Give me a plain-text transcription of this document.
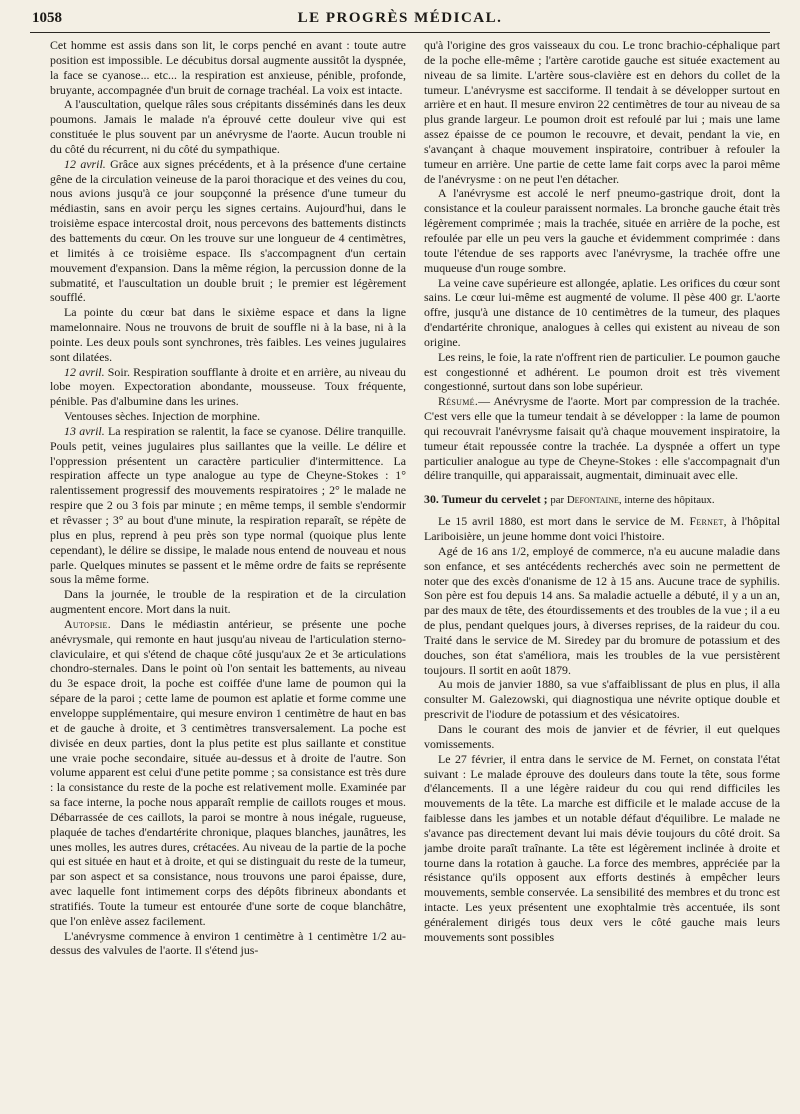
1058	LE PROGRÈS MÉDICAL.

Cet homme est assis dans son lit, le corps penché en avant : toute autre position est impossible. Le décubitus dorsal augmente aussitôt la dyspnée, la face se cyanose... etc... la respiration est anxieuse, pénible, profonde, bruyante, accompagnée d'un bruit de cornage trachéal. La voix est intacte.

A l'auscultation, quelque râles sous crépitants disséminés dans les deux poumons. Jamais le malade n'a éprouvé cette douleur vive qui est constituée le plus souvent par un anévrysme de l'aorte. Aucun trouble ni du côté du récurrent, ni du côté du sympathique.

12 avril. Grâce aux signes précédents, et à la présence d'une certaine gêne de la circulation veineuse de la paroi thoracique et des veines du cou, nous avions jusqu'à ce jour soupçonné la présence d'une tumeur du médiastin, sans en avoir perçu les signes certains. Aujourd'hui, dans le troisième espace intercostal droit, nous percevons des battements distincts des battements du cœur. On les trouve sur une longueur de 4 centimètres, et limités à ce troisième espace. Ils s'accompagnent d'un certain mouvement d'expansion. Dans la même région, la percussion donne de la submatité, et l'auscultation un double bruit ; le premier est légèrement soufflé.

La pointe du cœur bat dans le sixième espace et dans la ligne mamelonnaire. Nous ne trouvons de bruit de souffle ni à la base, ni à la pointe. Les deux pouls sont synchrones, très faibles. Les veines jugulaires sont dilatées.

12 avril. Soir. Respiration soufflante à droite et en arrière, au niveau du lobe moyen. Expectoration abondante, mousseuse. Toux fréquente, pénible. Pas d'albumine dans les urines.

Ventouses sèches. Injection de morphine.

13 avril. La respiration se ralentit, la face se cyanose. Délire tranquille. Pouls petit, veines jugulaires plus saillantes que la veille. Le délire et l'oppression présentent un caractère particulier d'intermittence. La respiration affecte un type analogue au type de Cheyne-Stokes : 1° ralentissement progressif des mouvements respiratoires ; 2° le malade ne respire que 2 ou 3 fois par minute ; en même temps, il semble s'endormir et rêvasser ; 3° au bout d'une minute, la respiration reparaît, se répète de plus en plus, reprend à peu près son type normal (quoique plus lente cependant), le délire se dissipe, le malade nous entend de nouveau et nous parle. Quelques minutes se passent et le même ordre de faits se représente sous la même forme.

Dans la journée, le trouble de la respiration et de la circulation augmentent encore. Mort dans la nuit.

Autopsie. Dans le médiastin antérieur, se présente une poche anévrysmale, qui remonte en haut jusqu'au niveau de l'articulation sterno-claviculaire, et qui s'étend de chaque côté jusqu'aux 2e et 3e articulations chondro-sternales. Dans le point où l'on sentait les battements, au niveau du 3e espace droit, la poche est coiffée d'une lame de poumon qui la sépare de la paroi ; cette lame de poumon est aplatie et forme comme une enveloppe supplémentaire, qui mesure environ 1 centimètre de haut en bas et de gauche à droite, et 3 centimètres transversalement. La poche est divisée en deux parties, dont la plus petite est plus saillante et constitue une vraie poche secondaire, située au-dessus et à droite de l'autre. Son volume apparent est celui d'une petite pomme ; sa consistance est très dure : la consistance du reste de la poche est relativement molle. Examinée par sa face interne, la poche nous apparaît remplie de caillots rouges et mous. Débarrassée de ces caillots, la paroi se montre à nous inégale, rugueuse, plaquée de taches d'endartérite chronique, plaques blanches, jaunâtres, les unes molles, les autres dures, crétacées. Au niveau de la partie de la poche qui est située en haut et à droite, et qui se distinguait du reste de la tumeur, par son aspect et sa consistance, nous trouvons une paroi épaisse, dure, avec laquelle font intimement corps des dépôts fibrineux abondants et stratifiés. Toute la tumeur est entourée d'une sorte de coque blanchâtre, que l'on enlève assez facilement.

L'anévrysme commence à environ 1 centimètre à 1 centimètre 1/2 au-dessus des valvules de l'aorte. Il s'étend jus-

qu'à l'origine des gros vaisseaux du cou. Le tronc brachio-céphalique part de la poche elle-même ; l'artère carotide gauche est située exactement au niveau de sa limite. L'artère sous-clavière est en dehors du collet de la tumeur. L'anévrysme est sacciforme. Il tendait à se développer surtout en arrière et en haut. Il mesure environ 22 centimètres de tour au niveau de sa plus grande largeur. Le poumon droit est refoulé par lui ; mais une lame assez épaisse de ce poumon le recouvre, et devait, pendant la vie, en s'avançant à chaque mouvement inspiratoire, contribuer à refouler la tumeur en arrière. Une partie de cette lame fait corps avec la paroi même de l'anévrysme : on ne peut l'en détacher.

A l'anévrysme est accolé le nerf pneumo-gastrique droit, dont la consistance et la couleur paraissent normales. La bronche gauche était très légèrement comprimée ; mais la trachée, située en arrière de la poche, est refoulée par elle un peu vers la gauche et évidemment comprimée : dans toute l'étendue de ses rapports avec l'anévrysme, la trachée offre une muqueuse d'un rouge sombre.

La veine cave supérieure est allongée, aplatie. Les orifices du cœur sont sains. Le cœur lui-même est augmenté de volume. Il pèse 400 gr. L'aorte offre, jusqu'à une distance de 10 centimètres de la tumeur, des plaques d'endartérite chronique, analogues à celles qui existent au niveau de son origine.

Les reins, le foie, la rate n'offrent rien de particulier. Le poumon gauche est congestionné et adhérent. Le poumon droit est très vivement congestionné, surtout dans son lobe supérieur.

Résumé.— Anévrysme de l'aorte. Mort par compression de la trachée. C'est vers elle que la tumeur tendait à se développer : la lame de poumon qui recouvrait l'anévrysme faisait qu'à chaque mouvement inspiratoire, la tumeur était repoussée contre la trachée. La dyspnée a offert un type particulier analogue au type de Cheyne-Stokes : elle s'accompagnait d'un délire tranquille, qui apparaissait, augmentait, diminuait avec elle.

30. Tumeur du cervelet ; par Defontaine, interne des hôpitaux.

Le 15 avril 1880, est mort dans le service de M. Fernet, à l'hôpital Lariboisière, un jeune homme dont voici l'histoire.

Agé de 16 ans 1/2, employé de commerce, n'a eu aucune maladie dans son enfance, et ses antécédents recherchés avec soin ne permettent de noter que des excès d'onanisme de 12 à 15 ans. Aucune trace de syphilis. Son père est fou depuis 14 ans. Sa maladie actuelle a débuté, il y a un an, par des maux de tête, des étourdissements et des troubles de la vue ; il a eu de plus, pendant quelques jours, à diverses reprises, de la raideur du cou. Traité dans le service de M. Siredey par du bromure de potassium et des douches, son état s'améliora, mais les troubles de la vue persistèrent toujours. Il sortit en août 1879.

Au mois de janvier 1880, sa vue s'affaiblissant de plus en plus, il alla consulter M. Galezowski, qui diagnostiqua une névrite optique double et prescrivit de l'iodure de potassium et des vésicatoires.

Dans le courant des mois de janvier et de février, il eut quelques vomissements.

Le 27 février, il entra dans le service de M. Fernet, on constata l'état suivant : Le malade éprouve des douleurs dans toute la tête, sous forme d'élancements. Il a une légère raideur du cou qui rend difficiles les mouvements de la tête. La marche est difficile et le malade accuse de la faiblesse dans les jambes et un notable défaut d'équilibre. Le malade ne s'avance pas directement devant lui mais dévie toujours du côté droit. Sa jambe droite paraît traînante. La tête est légèrement inclinée à droite et tourne dans la rotation à gauche. La force des membres, appréciée par la résistance qu'ils opposent aux efforts destinés à empêcher leurs mouvements, semble conservée. La sensibilité des membres et du tronc est intacte. Les yeux présentent une exophtalmie très accentuée, ils sont généralement dirigés tous deux vers le côté gauche mais leurs mouvements sont possibles
